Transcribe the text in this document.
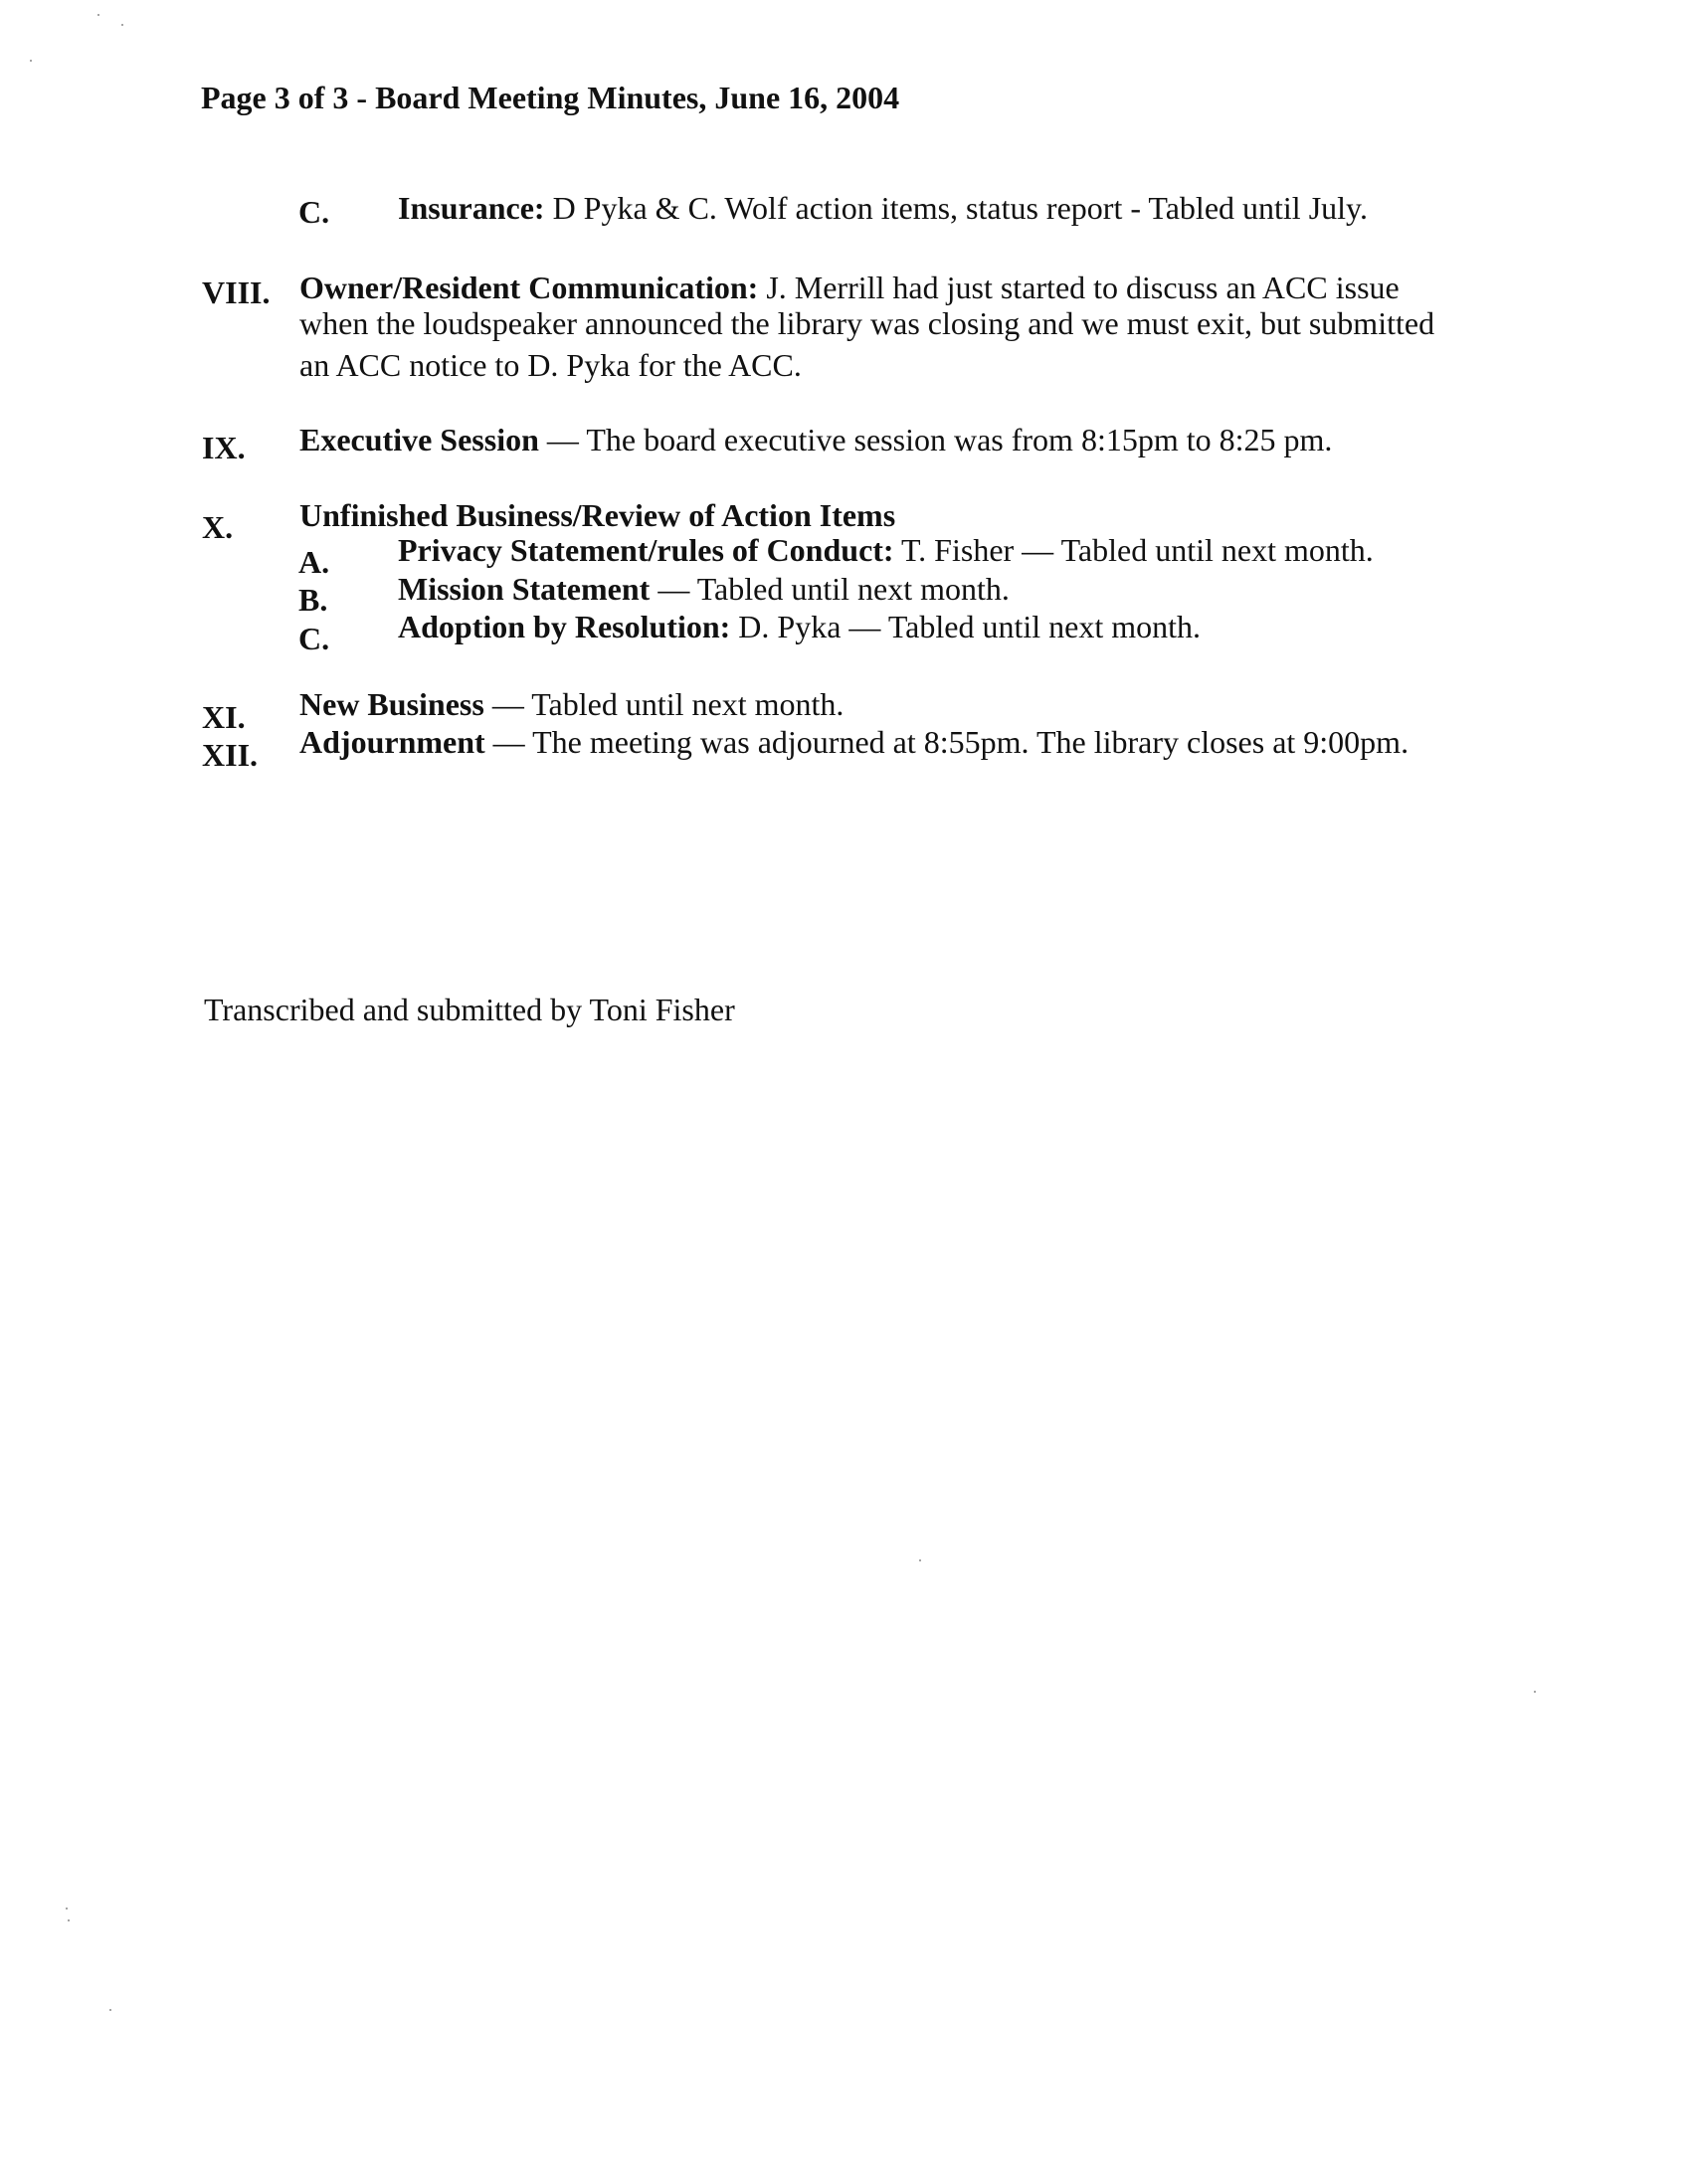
Page 3 of 3 - Board Meeting Minutes, June 16, 2004
C. Insurance: D Pyka & C. Wolf action items, status report - Tabled until July.
VIII. Owner/Resident Communication: J. Merrill had just started to discuss an ACC issue
when the loudspeaker announced the library was closing and we must exit, but submitted
an ACC notice to D. Pyka for the ACC.
IX. Executive Session — The board executive session was from 8:15pm to 8:25 pm.
X. Unfinished Business/Review of Action Items
A. Privacy Statement/rules of Conduct: T. Fisher — Tabled until next month.
B. Mission Statement — Tabled until next month.
C. Adoption by Resolution: D. Pyka — Tabled until next month.
XI. New Business — Tabled until next month.
XII. Adjournment — The meeting was adjourned at 8:55pm. The library closes at 9:00pm.
Transcribed and submitted by Toni Fisher
